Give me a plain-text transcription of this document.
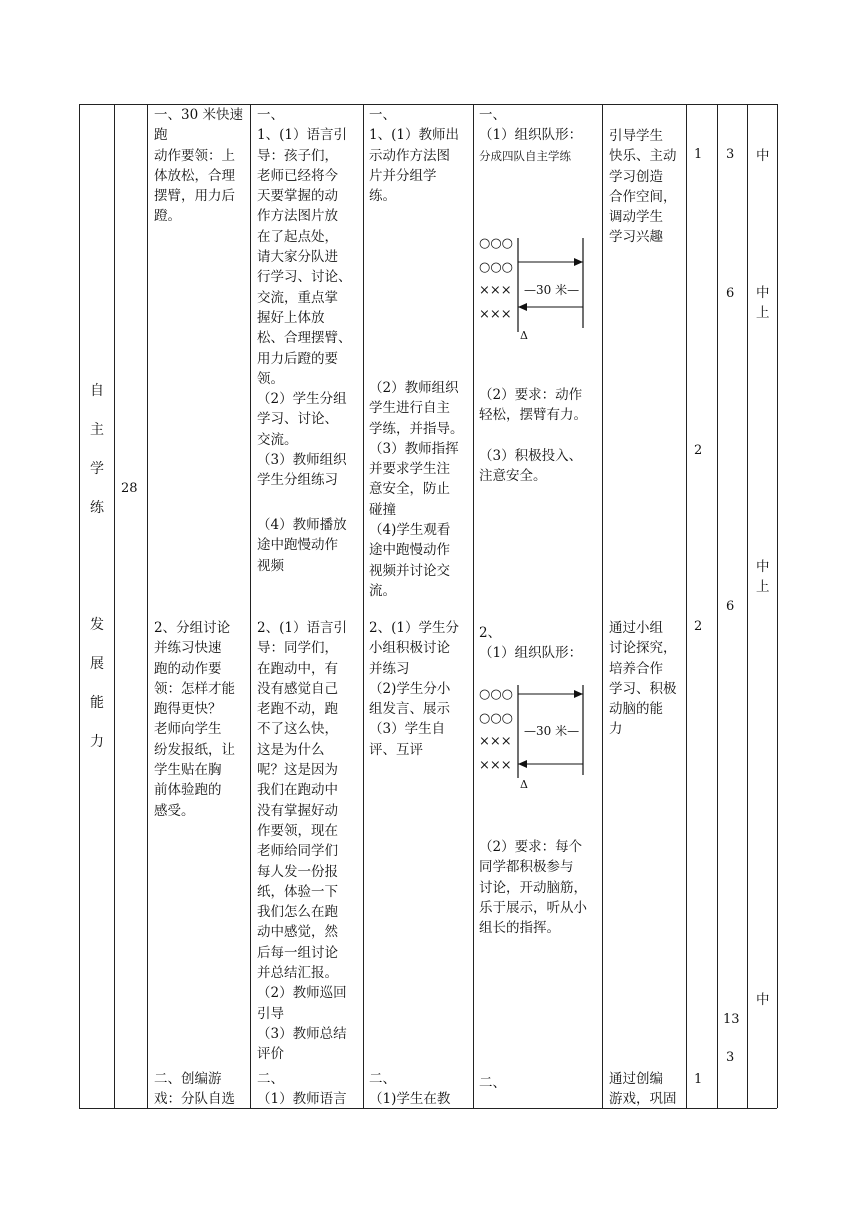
自
主
学
练
发
展
能
力
28
一、30 米快速
跑
动作要领：上
体放松，合理
摆臂，用力后
蹬。
一、
1、(1）语言引
导：孩子们，
老师已经将今
天要掌握的动
作方法图片放
在了起点处，
请大家分队进
行学习、讨论、
交流，重点掌
握好上体放
松、合理摆臂、
用力后蹬的要
领。
（2）学生分组
学习、讨论、
交流。
（3）教师组织
学生分组练习
（4）教师播放
途中跑慢动作
视频
一、
1、(1）教师出
示动作方法图
片并分组学
练。
（2）教师组织
学生进行自主
学练，并指导。
（3）教师指挥
并要求学生注
意安全，防止
碰撞
（4)学生观看
途中跑慢动作
视频并讨论交
流。
一、
（1）组织队形：
分成四队自主学练
○○○
○○○
×××
×××
—30 米—
Δ
（2）要求：动作
轻松，摆臂有力。
（3）积极投入、
注意安全。
引导学生
快乐、主动
学习创造
合作空间，
调动学生
学习兴趣
1
2
3
6
中
中
上
2、分组讨论
并练习快速
跑的动作要
领：怎样才能
跑得更快？
老师向学生
纷发报纸，让
学生贴在胸
前体验跑的
感受。
2、(1）语言引
导：同学们，
在跑动中，有
没有感觉自己
老跑不动，跑
不了这么快，
这是为什么
呢？这是因为
我们在跑动中
没有掌握好动
作要领，现在
老师给同学们
每人发一份报
纸，体验一下
我们怎么在跑
动中感觉，然
后每一组讨论
并总结汇报。
（2）教师巡回
引导
（3）教师总结
评价
2、(1）学生分
小组积极讨论
并练习
（2)学生分小
组发言、展示
（3）学生自
评、互评
2、
（1）组织队形：
○○○
○○○
×××
×××
—30 米—
Δ
（2）要求：每个
同学都积极参与
讨论，开动脑筋，
乐于展示，听从小
组长的指挥。
通过小组
讨论探究，
培养合作
学习、积极
动脑的能
力
2
6
中
上
13
3
中
二、创编游
戏：分队自选
二、
（1）教师语言
二、
（1)学生在教
二、	通过创编
游戏，巩固
1
